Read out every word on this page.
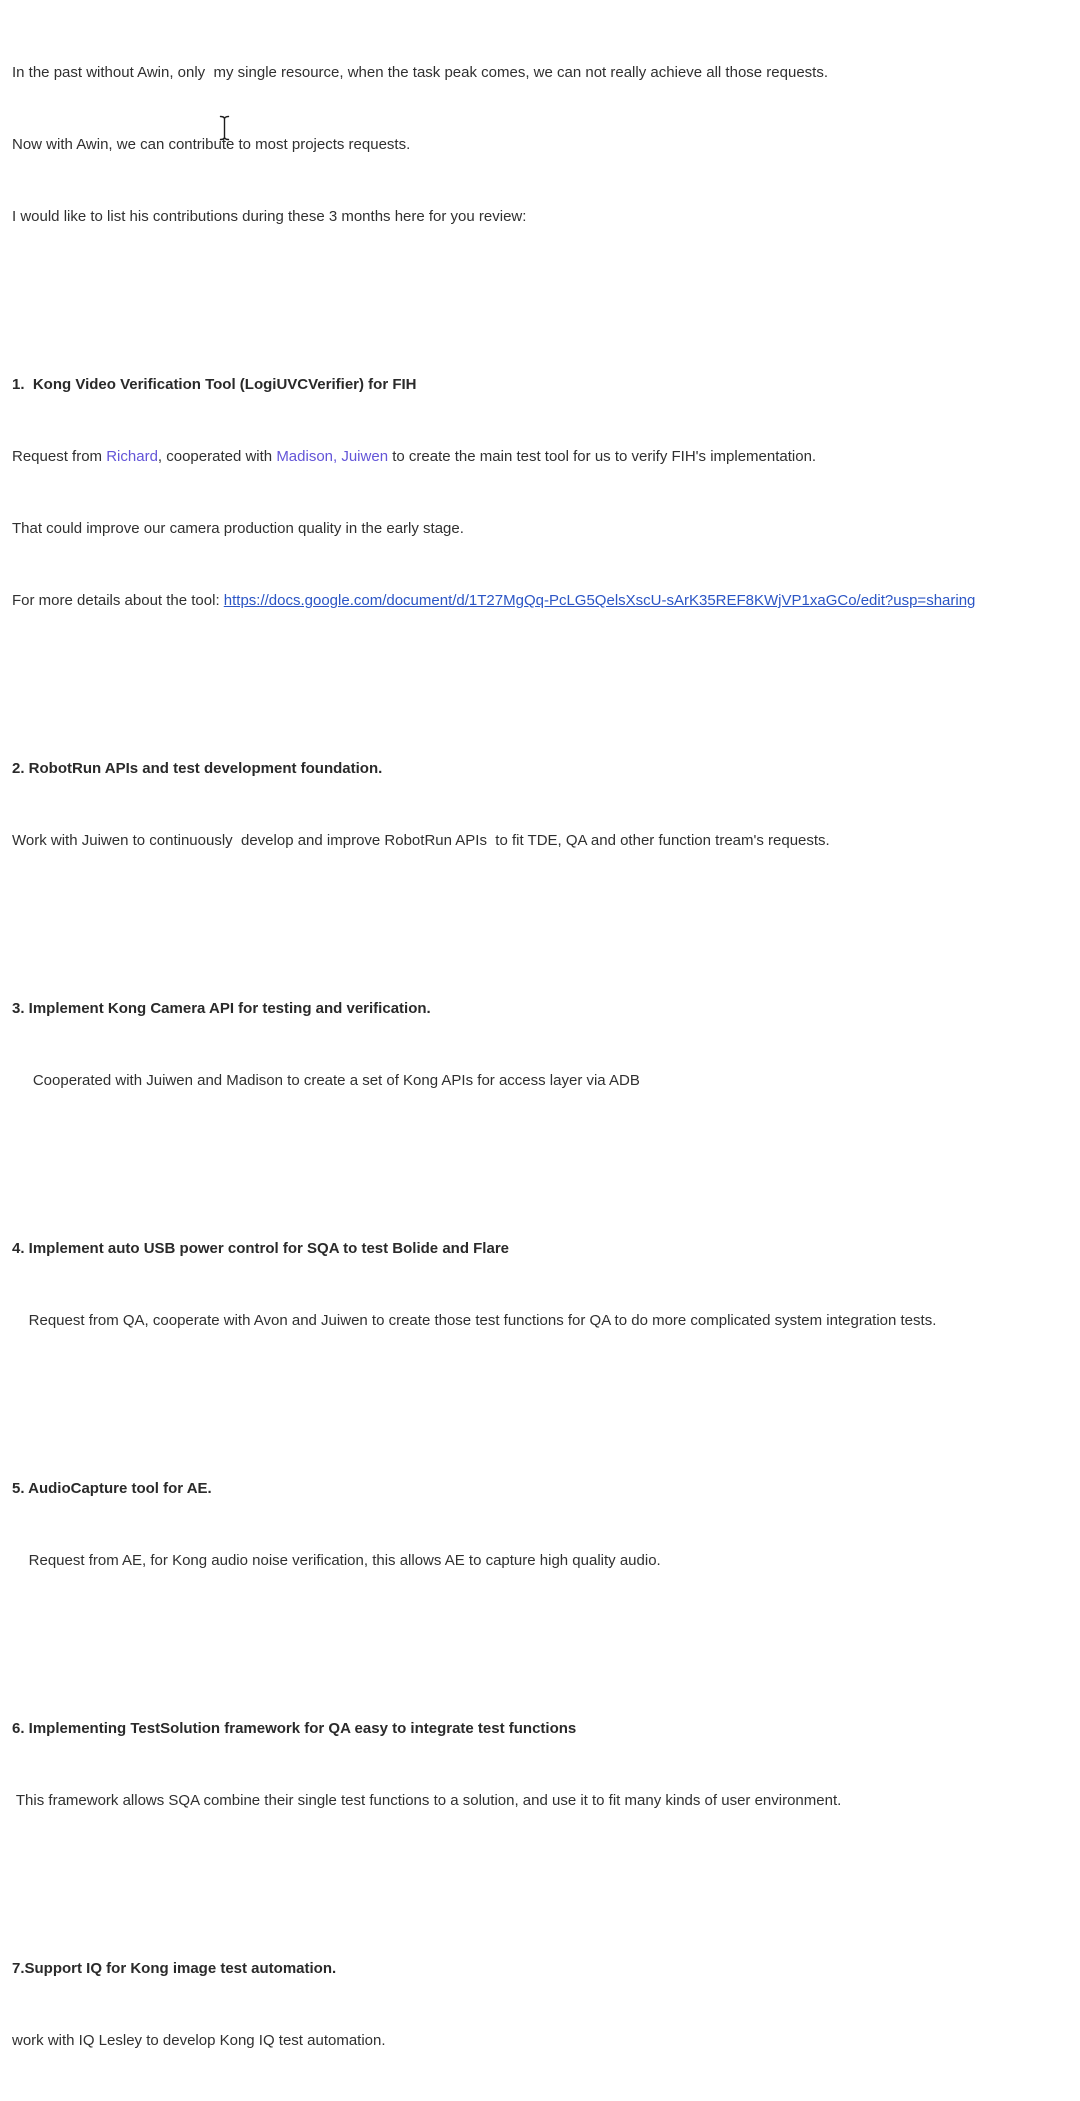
In the past without Awin, only  my single resource, when the task peak comes, we can not really achieve all those requests.

Now with Awin, we can contribute to most projects requests.

I would like to list his contributions during these 3 months here for you review:

1.  Kong Video Verification Tool (LogiUVCVerifier) for FIH

Request from Richard, cooperated with Madison, Juiwen to create the main test tool for us to verify FIH's implementation.

That could improve our camera production quality in the early stage.

For more details about the tool: https://docs.google.com/document/d/1T27MgQq-PcLG5QelsXscU-sArK35REF8KWjVP1xaGCo/edit?usp=sharing

2. RobotRun APIs and test development foundation.

Work with Juiwen to continuously  develop and improve RobotRun APIs  to fit TDE, QA and other function tream's requests.

3. Implement Kong Camera API for testing and verification.

Cooperated with Juiwen and Madison to create a set of Kong APIs for access layer via ADB

4. Implement auto USB power control for SQA to test Bolide and Flare

Request from QA, cooperate with Avon and Juiwen to create those test functions for QA to do more complicated system integration tests.

5. AudioCapture tool for AE.

Request from AE, for Kong audio noise verification, this allows AE to capture high quality audio.

6. Implementing TestSolution framework for QA easy to integrate test functions

This framework allows SQA combine their single test functions to a solution, and use it to fit many kinds of user environment.

7.Support IQ for Kong image test automation.

work with IQ Lesley to develop Kong IQ test automation.
